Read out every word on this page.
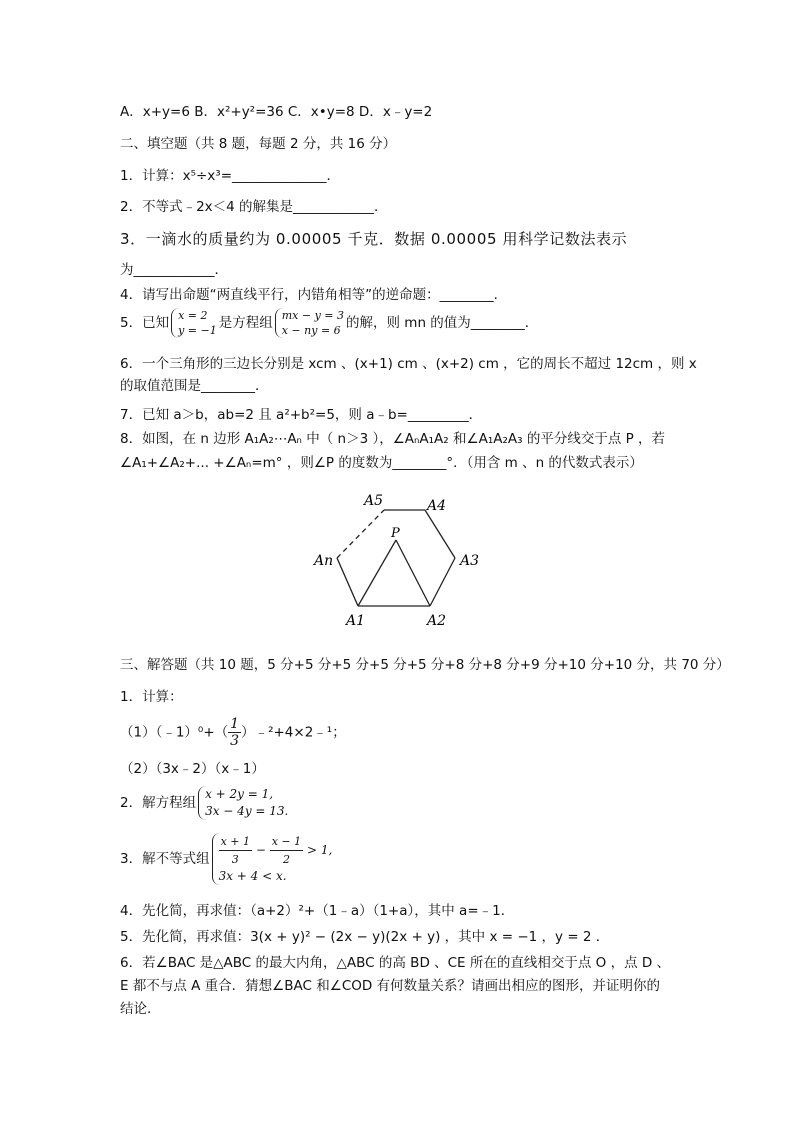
A．x+y=6 B．x²+y²=36 C．x•y=8 D．x﹣y=2
二、填空题（共 8 题，每题 2 分，共 16 分）
1．计算：x⁵÷x³=______________．
2．不等式﹣2x＜4 的解集是____________．
3．一滴水的质量约为 0.00005 千克．数据 0.00005 用科学记数法表示
为____________．
4．请写出命题“两直线平行，内错角相等”的逆命题：________．
5．已知 x = 2
y = −1 是方程组 mx − y = 3
x − ny = 6 的解，则 mn 的值为________．
6．一个三角形的三边长分别是 xcm 、(x+1) cm 、(x+2) cm ，它的周长不超过 12cm ，则 x
的取值范围是________．
7．已知 a＞b，ab=2 且 a²+b²=5，则 a﹣b=_________．
8．如图，在 n 边形 A₁A₂⋯Aₙ 中（ n＞3 ），∠AₙA₁A₂ 和∠A₁A₂A₃ 的平分线交于点 P ，若
∠A₁+∠A₂+... +∠Aₙ=m° ，则∠P 的度数为________°．（用含 m 、n 的代数式表示）
A5	A4
A3
A2
A1
An
P
三、解答题（共 10 题，5 分+5 分+5 分+5 分+5 分+8 分+8 分+9 分+10 分+10 分，共 70 分）
1．计算：
（1）（﹣1）⁰+（ $\frac{1}{3}$ ）﹣²+4×2﹣¹；
（2）（3x﹣2）（x﹣1）
2．解方程组
x + 2y = 1,
3x − 4y = 13.
3．解不等式组 $\frac{x + 1}{3} - \frac{x - 1}{2} > 1$,
3x + 4 < x.
4．先化简，再求值：（a+2）²+（1﹣a）（1+a），其中 a=﹣1．
5．先化简，再求值：3(x + y)² − (2x − y)(2x + y) ，其中 x = −1 ，y = 2 ．
6．若∠BAC 是△ABC 的最大内角，△ABC 的高 BD 、CE 所在的直线相交于点 O ，点 D 、
E 都不与点 A 重合．猜想∠BAC 和∠COD 有何数量关系？请画出相应的图形，并证明你的
结论．
